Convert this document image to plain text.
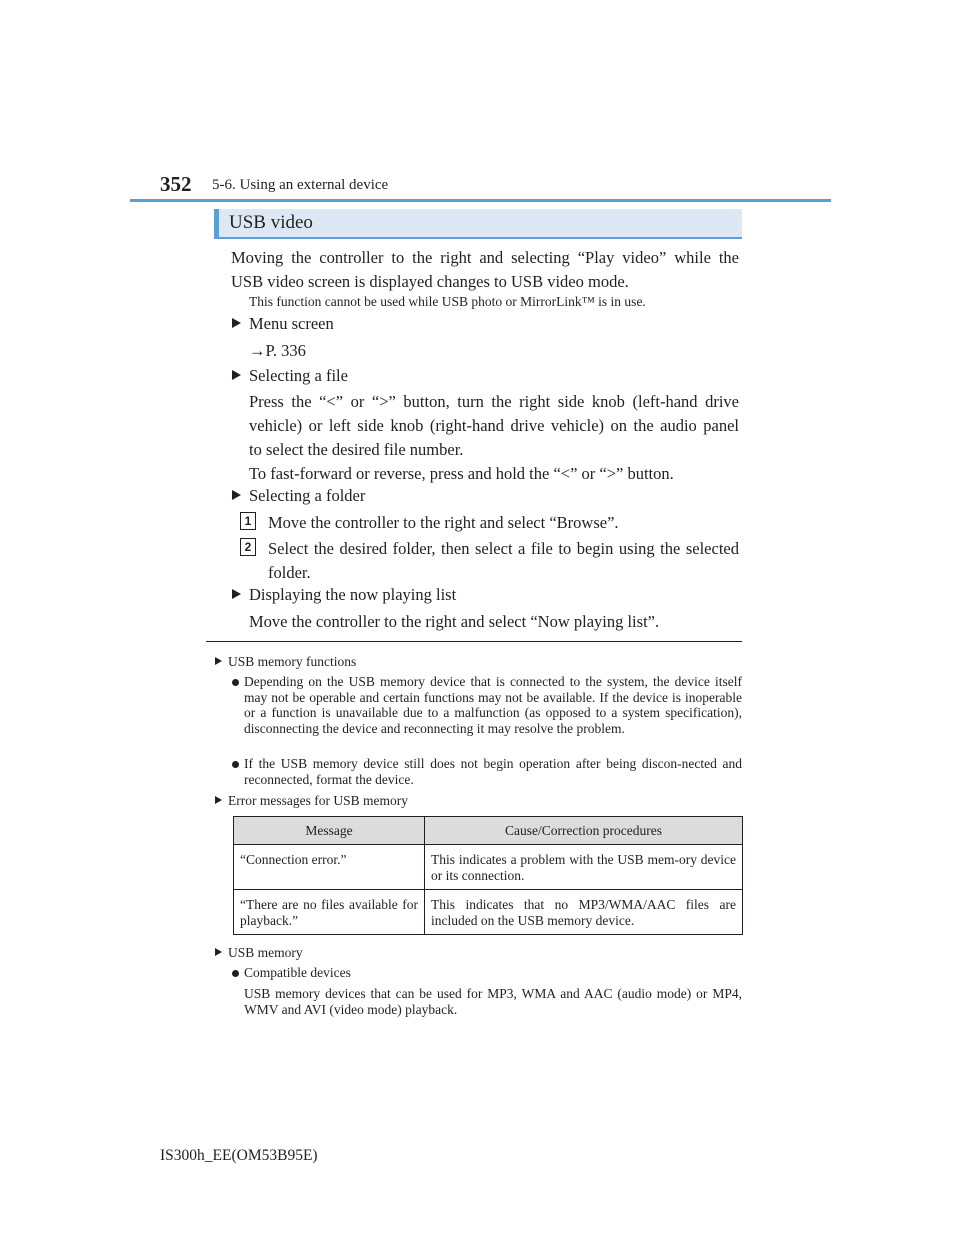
352 5-6. Using an external device
USB video
Moving the controller to the right and selecting “Play video” while the
USB video screen is displayed changes to USB video mode.
This function cannot be used while USB photo or MirrorLink™ is in use.
Menu screen
→P. 336
Selecting a file
Press the “<” or “>” button, turn the right side knob (left-hand drive
vehicle) or left side knob (right-hand drive vehicle) on the audio panel
to select the desired file number.
To fast-forward or reverse, press and hold the “<” or “>” button.
Selecting a folder
1 Move the controller to the right and select “Browse”.
2 Select the desired folder, then select a file to begin using the selected
folder.
Displaying the now playing list
Move the controller to the right and select “Now playing list”.
USB memory functions
Depending on the USB memory device that is connected to the system, the device itself may not be operable and certain functions may not be available. If the device is inoperable or a function is unavailable due to a malfunction (as opposed to a system specification), disconnecting the device and reconnecting it may resolve the problem.
If the USB memory device still does not begin operation after being discon-nected and reconnected, format the device.
Error messages for USB memory
Message	Cause/Correction procedures
“Connection error.”	This indicates a problem with the USB mem-ory device or its connection.
“There are no files available for playback.”	This indicates that no MP3/WMA/AAC files are included on the USB memory device.
USB memory
Compatible devices
USB memory devices that can be used for MP3, WMA and AAC (audio mode) or MP4, WMV and AVI (video mode) playback.
IS300h_EE(OM53B95E)
